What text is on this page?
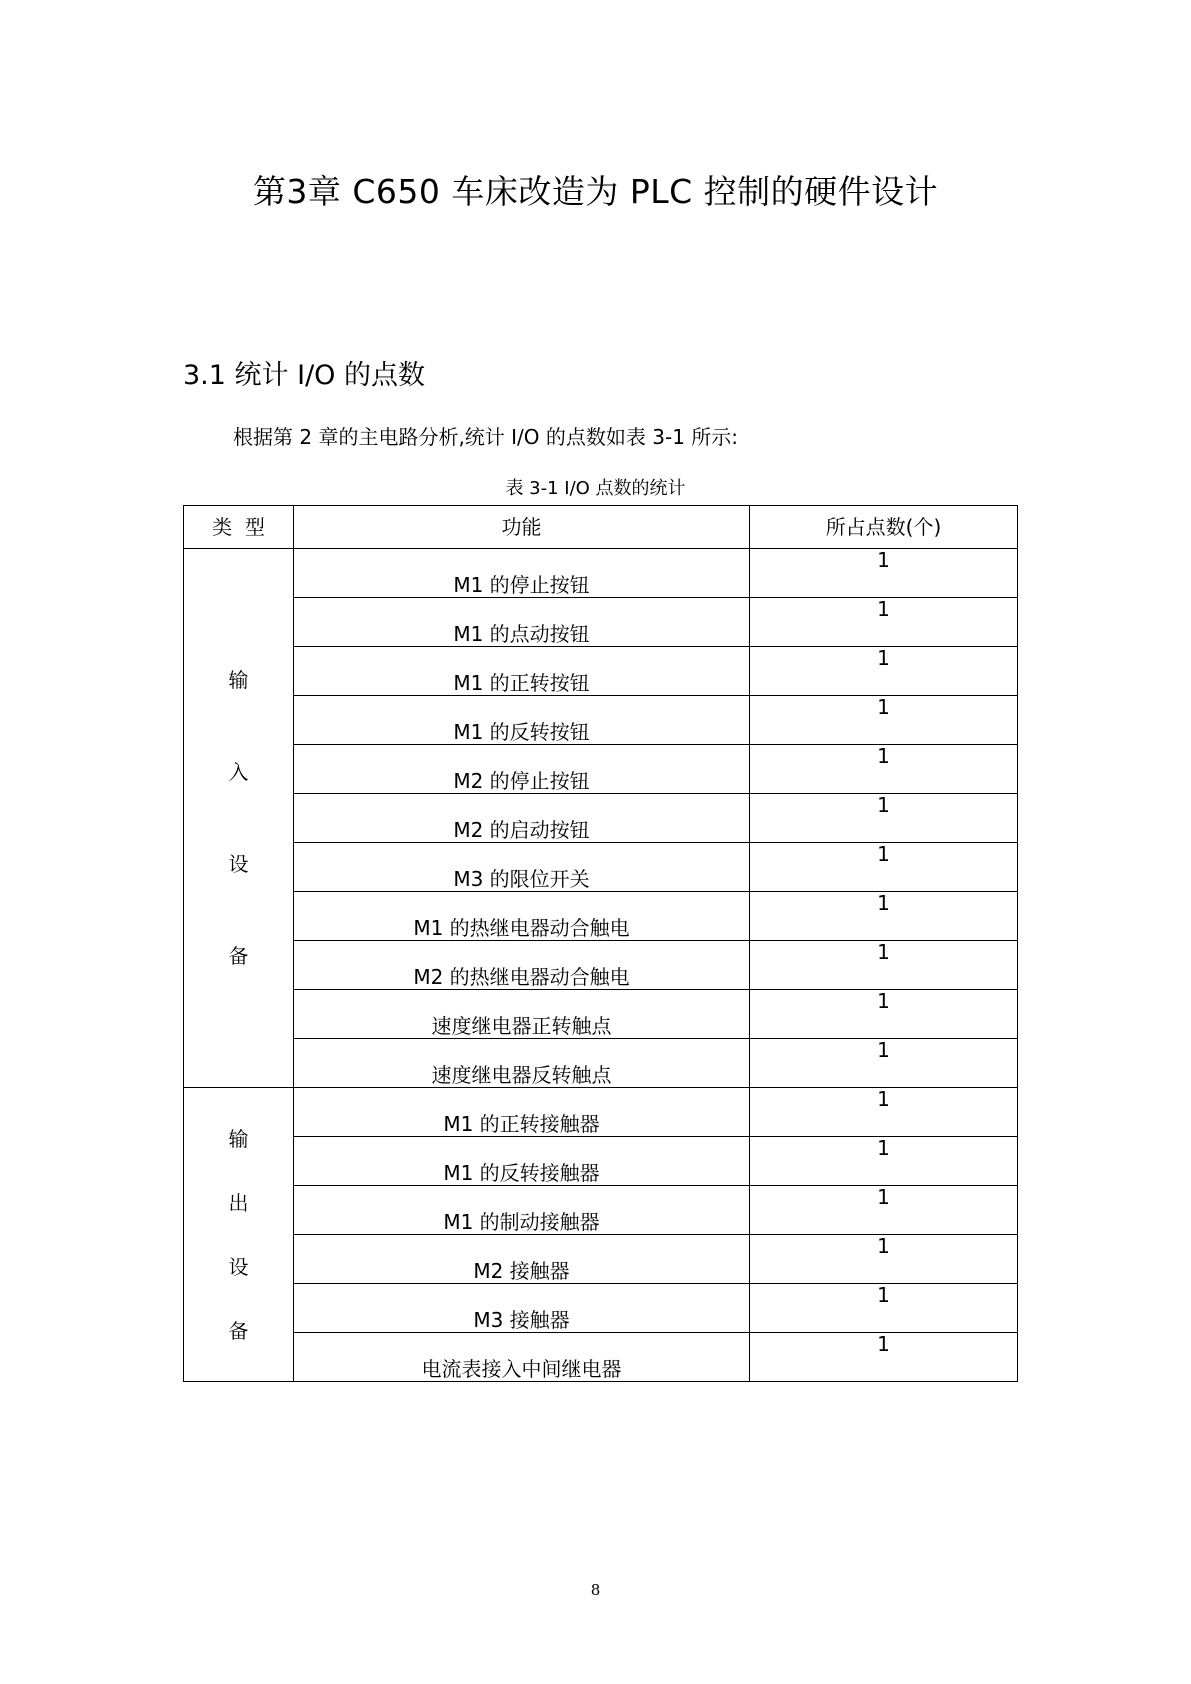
第3章 C650 车床改造为 PLC 控制的硬件设计
3.1 统计 I/O 的点数
根据第 2 章的主电路分析,统计 I/O 的点数如表 3-1 所示:
表 3-1 I/O 点数的统计
类  型	功能	所占点数(个)

输
入
设
备	M1 的停止按钮	1
	M1 的点动按钮	1
	M1 的正转按钮	1
	M1 的反转按钮	1
	M2 的停止按钮	1
	M2 的启动按钮	1
	M3 的限位开关	1
	M1 的热继电器动合触电	1
	M2 的热继电器动合触电	1
	速度继电器正转触点	1
	速度继电器反转触点	1

输
出
设
备	M1 的正转接触器	1
	M1 的反转接触器	1
	M1 的制动接触器	1
	M2 接触器	1
	M3 接触器	1
	电流表接入中间继电器	1
8
